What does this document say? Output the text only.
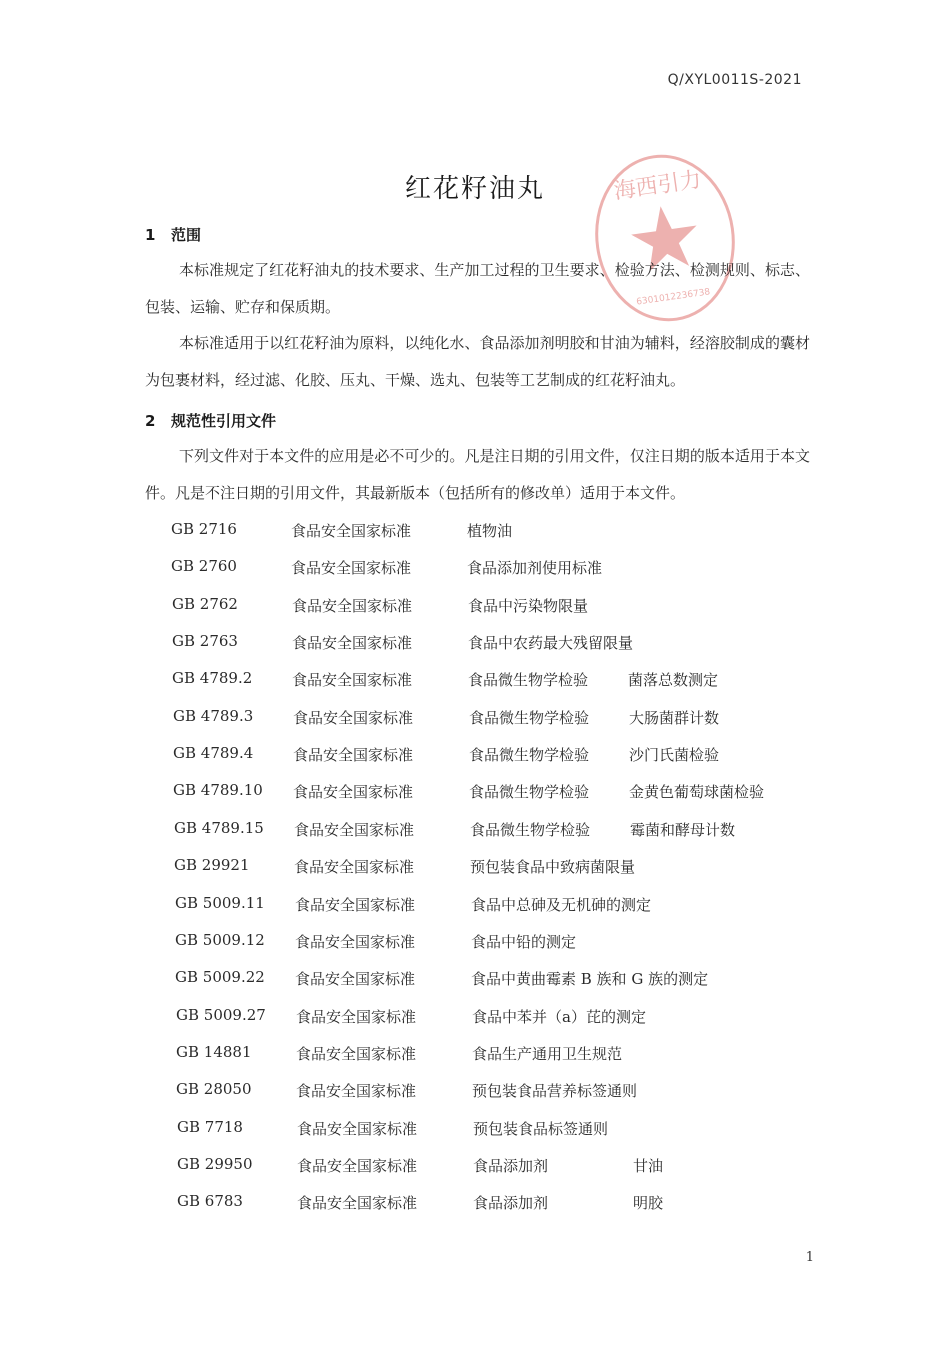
Q/XYL0011S-2021
海西引力
6301012236738
红花籽油丸
1 范围
本标准规定了红花籽油丸的技术要求、生产加工过程的卫生要求、检验方法、检测规则、标志、包装、运输、贮存和保质期。
本标准适用于以红花籽油为原料，以纯化水、食品添加剂明胶和甘油为辅料，经溶胶制成的囊材为包裹材料，经过滤、化胶、压丸、干燥、选丸、包装等工艺制成的红花籽油丸。
2 规范性引用文件
下列文件对于本文件的应用是必不可少的。凡是注日期的引用文件，仅注日期的版本适用于本文件。凡是不注日期的引用文件，其最新版本（包括所有的修改单）适用于本文件。
GB 2716	食品安全国家标准	植物油
GB 2760	食品安全国家标准	食品添加剂使用标准
GB 2762	食品安全国家标准	食品中污染物限量
GB 2763	食品安全国家标准	食品中农药最大残留限量
GB 4789.2	食品安全国家标准	食品微生物学检验	菌落总数测定
GB 4789.3	食品安全国家标准	食品微生物学检验	大肠菌群计数
GB 4789.4	食品安全国家标准	食品微生物学检验	沙门氏菌检验
GB 4789.10 食品安全国家标准	食品微生物学检验	金黄色葡萄球菌检验
GB 4789.15 食品安全国家标准	食品微生物学检验	霉菌和酵母计数
GB 29921	食品安全国家标准	预包装食品中致病菌限量
GB 5009.11 食品安全国家标准	食品中总砷及无机砷的测定
GB 5009.12 食品安全国家标准	食品中铅的测定
GB 5009.22 食品安全国家标准	食品中黄曲霉素 B 族和 G 族的测定
GB 5009.27 食品安全国家标准	食品中苯并（a）芘的测定
GB 14881	食品安全国家标准	食品生产通用卫生规范
GB 28050	食品安全国家标准	预包装食品营养标签通则
GB 7718	食品安全国家标准	预包装食品标签通则
GB 29950	食品安全国家标准	食品添加剂	甘油
GB 6783	食品安全国家标准	食品添加剂	明胶
1
